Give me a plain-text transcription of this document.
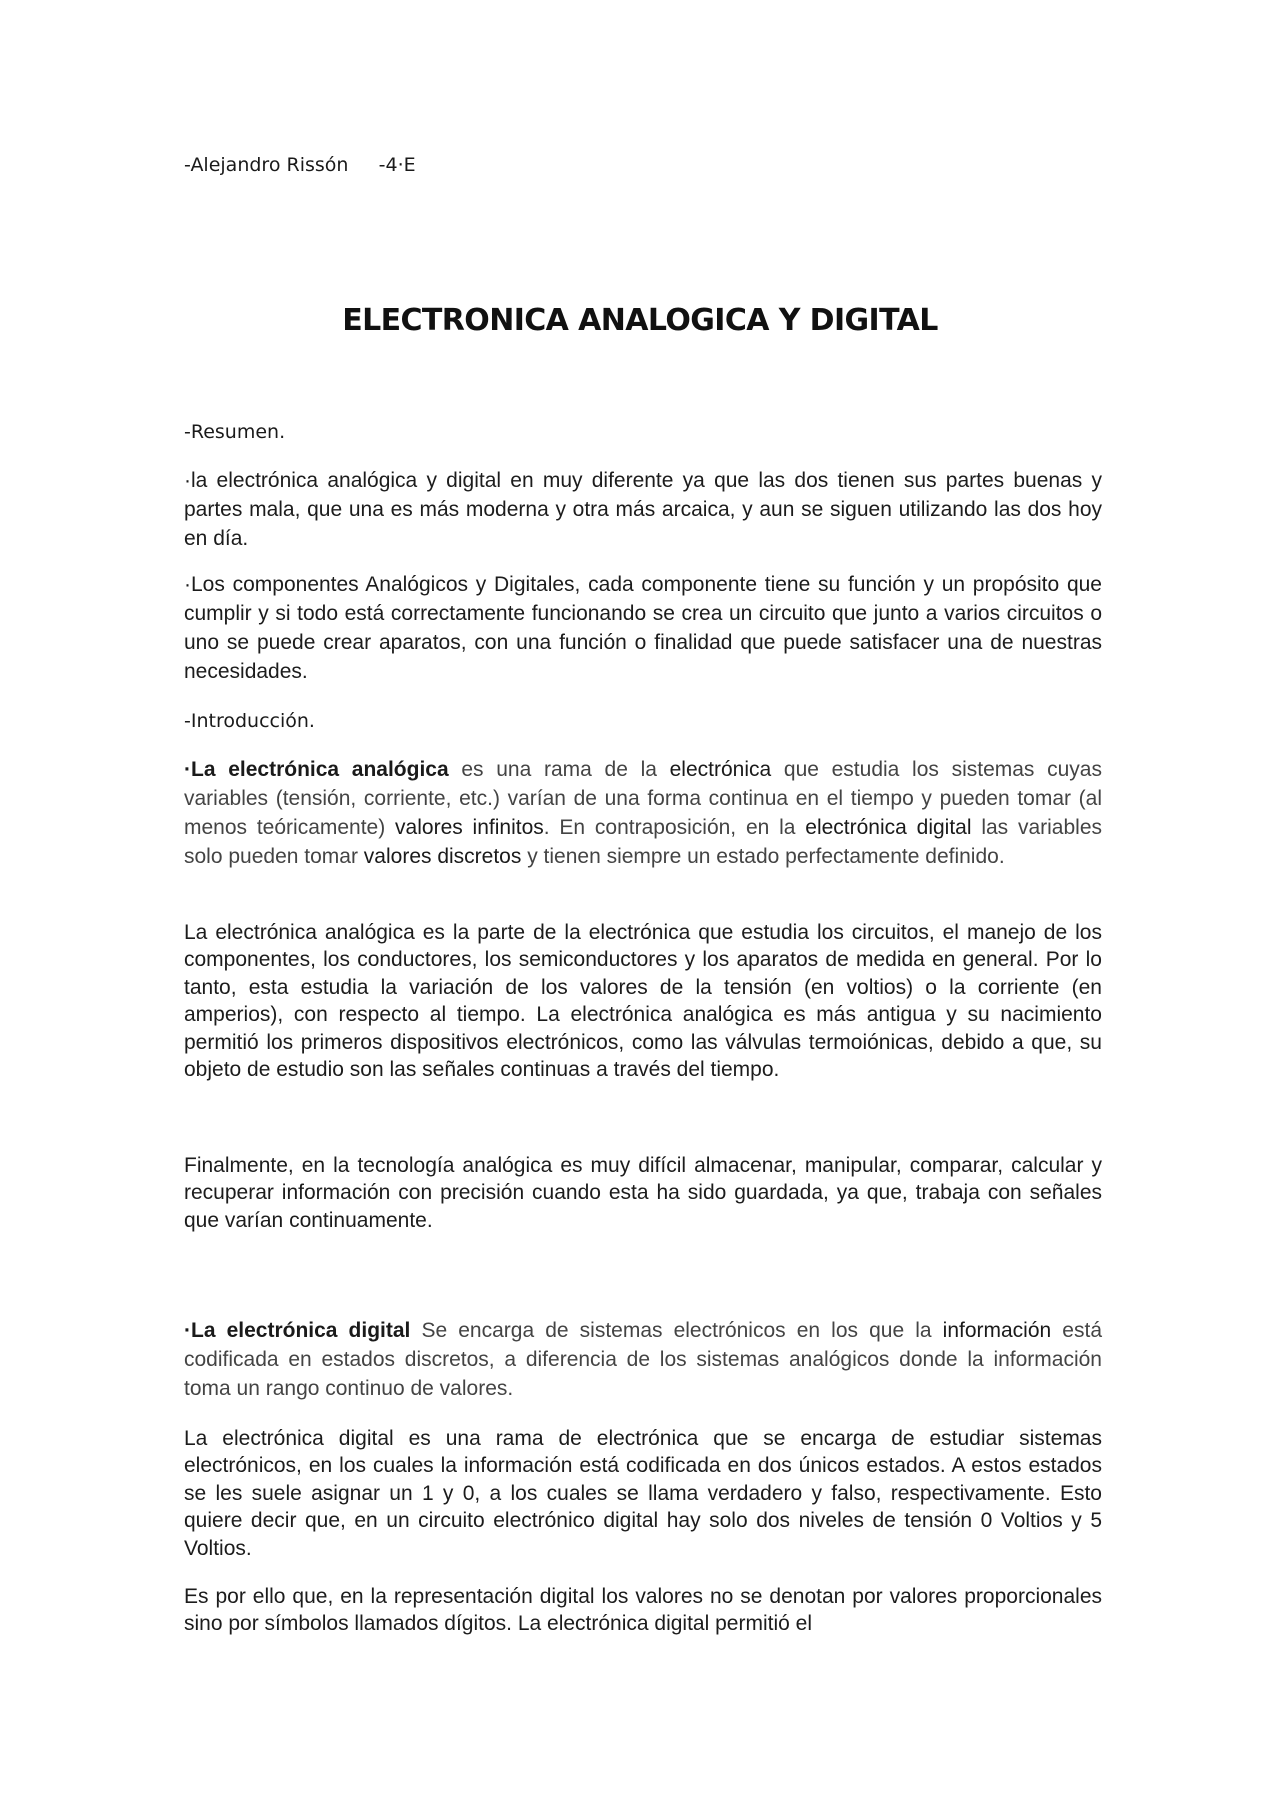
-Alejandro Rissón     -4·E
ELECTRONICA ANALOGICA Y DIGITAL
-Resumen.
·la electrónica analógica y digital en muy diferente ya que las dos tienen sus partes buenas y partes mala, que una es más moderna y otra más arcaica, y aun se siguen utilizando las dos hoy en día.
·Los componentes Analógicos y Digitales, cada componente tiene su función y un propósito que cumplir y si todo está correctamente funcionando se crea un circuito que junto a varios circuitos o uno se puede crear aparatos, con una función o finalidad que puede satisfacer una de nuestras necesidades.
-Introducción.
·La electrónica analógica es una rama de la electrónica que estudia los sistemas cuyas variables (tensión, corriente, etc.) varían de una forma continua en el tiempo y pueden tomar (al menos teóricamente) valores infinitos. En contraposición, en la electrónica digital las variables solo pueden tomar valores discretos y tienen siempre un estado perfectamente definido.
La electrónica analógica es la parte de la electrónica que estudia los circuitos, el manejo de los componentes, los conductores, los semiconductores y los aparatos de medida en general. Por lo tanto, esta estudia la variación de los valores de la tensión (en voltios) o la corriente (en amperios), con respecto al tiempo. La electrónica analógica es más antigua y su nacimiento permitió los primeros dispositivos electrónicos, como las válvulas termoiónicas, debido a que, su objeto de estudio son las señales continuas a través del tiempo.
Finalmente, en la tecnología analógica es muy difícil almacenar, manipular, comparar, calcular y recuperar información con precisión cuando esta ha sido guardada, ya que, trabaja con señales que varían continuamente.
·La electrónica digital Se encarga de sistemas electrónicos en los que la información está codificada en estados discretos, a diferencia de los sistemas analógicos donde la información toma un rango continuo de valores.
La electrónica digital es una rama de electrónica que se encarga de estudiar sistemas electrónicos, en los cuales la información está codificada en dos únicos estados. A estos estados se les suele asignar un 1 y 0, a los cuales se llama verdadero y falso, respectivamente. Esto quiere decir que, en un circuito electrónico digital hay solo dos niveles de tensión 0 Voltios y 5 Voltios.
Es por ello que, en la representación digital los valores no se denotan por valores proporcionales sino por símbolos llamados dígitos. La electrónica digital permitió el
